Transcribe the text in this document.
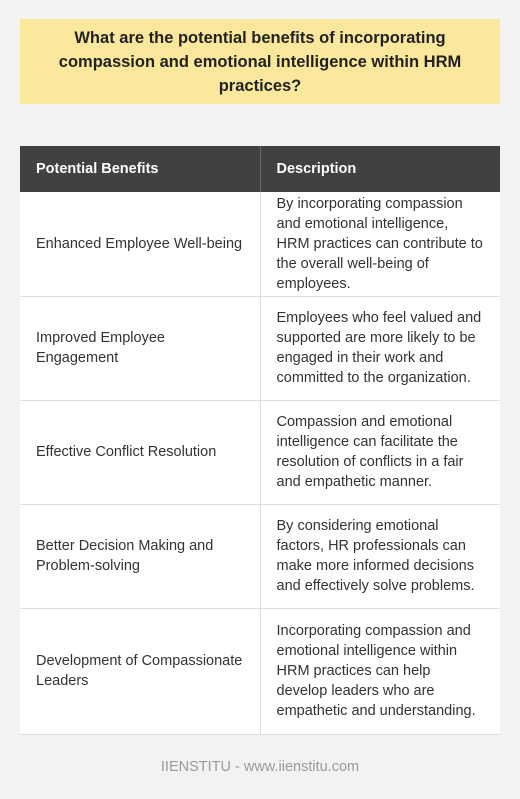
What are the potential benefits of incorporating compassion and emotional intelligence within HRM practices?
Potential Benefits	Description
Enhanced Employee Well-being	By incorporating compassion and emotional intelligence, HRM practices can contribute to the overall well-being of employees.
Improved Employee Engagement	Employees who feel valued and supported are more likely to be engaged in their work and committed to the organization.
Effective Conflict Resolution	Compassion and emotional intelligence can facilitate the resolution of conflicts in a fair and empathetic manner.
Better Decision Making and Problem-solving	By considering emotional factors, HR professionals can make more informed decisions and effectively solve problems.
Development of Compassionate Leaders	Incorporating compassion and emotional intelligence within HRM practices can help develop leaders who are empathetic and understanding.
IIENSTITU - www.iienstitu.com
